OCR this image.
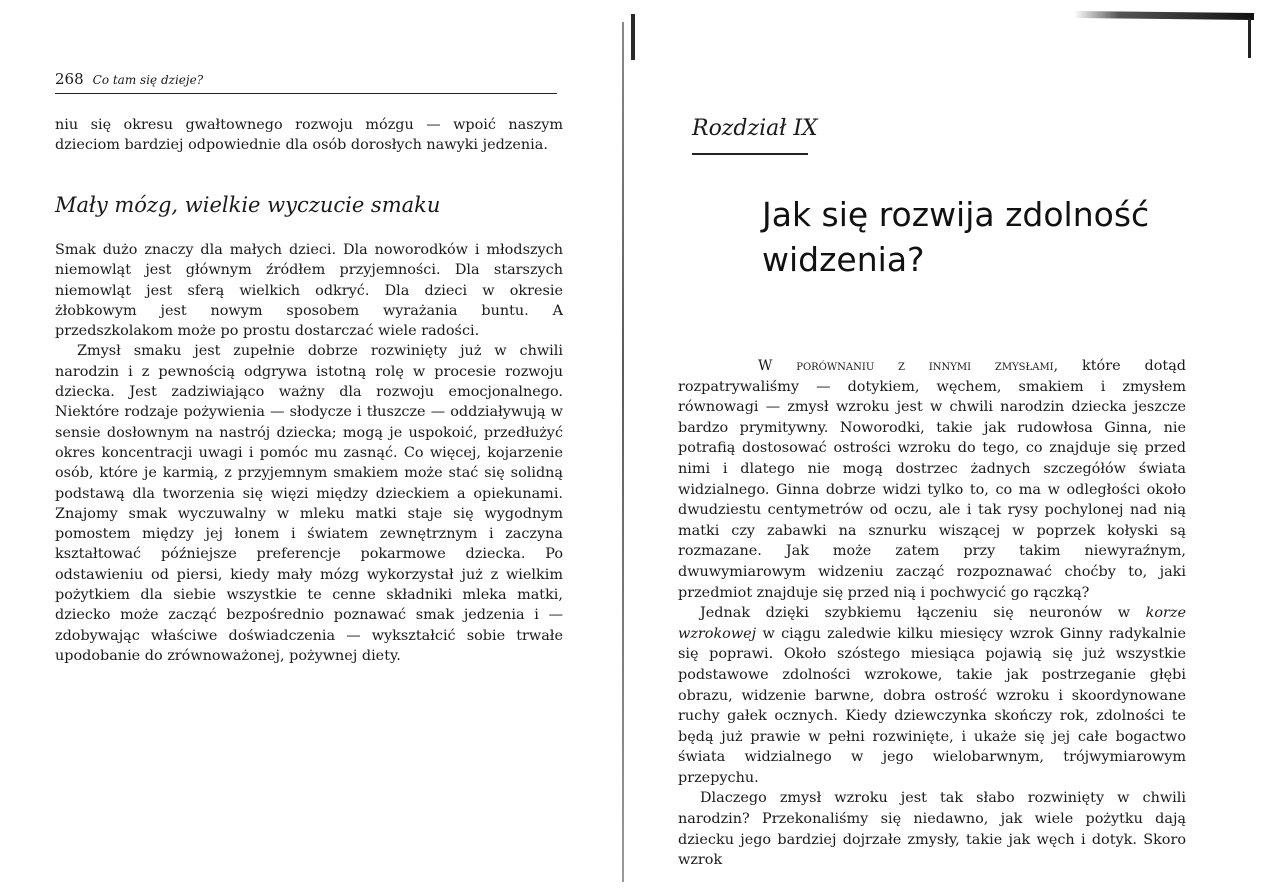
268 Co tam się dzieje?

niu się okresu gwałtownego rozwoju mózgu — wpoić naszym dzieciom bardziej odpowiednie dla osób dorosłych nawyki jedzenia.

Mały mózg, wielkie wyczucie smaku

Smak dużo znaczy dla małych dzieci. Dla noworodków i młodszych niemowląt jest głównym źródłem przyjemności. Dla starszych niemowląt jest sferą wielkich odkryć. Dla dzieci w okresie żłobkowym jest nowym sposobem wyrażania buntu. A przedszkolakom może po prostu dostarczać wiele radości.

Zmysł smaku jest zupełnie dobrze rozwinięty już w chwili narodzin i z pewnością odgrywa istotną rolę w procesie rozwoju dziecka. Jest zadziwiająco ważny dla rozwoju emocjonalnego. Niektóre rodzaje pożywienia — słodycze i tłuszcze — oddziaływują w sensie dosłownym na nastrój dziecka; mogą je uspokoić, przedłużyć okres koncentracji uwagi i pomóc mu zasnąć. Co więcej, kojarzenie osób, które je karmią, z przyjemnym smakiem może stać się solidną podstawą dla tworzenia się więzi między dzieckiem a opiekunami. Znajomy smak wyczuwalny w mleku matki staje się wygodnym pomostem między jej łonem i światem zewnętrznym i zaczyna kształtować późniejsze preferencje pokarmowe dziecka. Po odstawieniu od piersi, kiedy mały mózg wykorzystał już z wielkim pożytkiem dla siebie wszystkie te cenne składniki mleka matki, dziecko może zacząć bezpośrednio poznawać smak jedzenia i — zdobywając właściwe doświadczenia — wykształcić sobie trwałe upodobanie do zrównoważonej, pożywnej diety.

Rozdział IX
Jak się rozwija zdolność widzenia?

W porównaniu z innymi zmysłami, które dotąd rozpatrywaliśmy — dotykiem, węchem, smakiem i zmysłem równowagi — zmysł wzroku jest w chwili narodzin dziecka jeszcze bardzo prymitywny. Noworodki, takie jak rudowłosa Ginna, nie potrafią dostosować ostrości wzroku do tego, co znajduje się przed nimi i dlatego nie mogą dostrzec żadnych szczegółów świata widzialnego. Ginna dobrze widzi tylko to, co ma w odległości około dwudziestu centymetrów od oczu, ale i tak rysy pochylonej nad nią matki czy zabawki na sznurku wiszącej w poprzek kołyski są rozmazane. Jak może zatem przy takim niewyraźnym, dwuwymiarowym widzeniu zacząć rozpoznawać choćby to, jaki przedmiot znajduje się przed nią i pochwycić go rączką?

Jednak dzięki szybkiemu łączeniu się neuronów w korze wzrokowej w ciągu zaledwie kilku miesięcy wzrok Ginny radykalnie się poprawi. Około szóstego miesiąca pojawią się już wszystkie podstawowe zdolności wzrokowe, takie jak postrzeganie głębi obrazu, widzenie barwne, dobra ostrość wzroku i skoordynowane ruchy gałek ocznych. Kiedy dziewczynka skończy rok, zdolności te będą już prawie w pełni rozwinięte, i ukaże się jej całe bogactwo świata widzialnego w jego wielobarwnym, trójwymiarowym przepychu.

Dlaczego zmysł wzroku jest tak słabo rozwinięty w chwili narodzin? Przekonaliśmy się niedawno, jak wiele pożytku dają dziecku jego bardziej dojrzałe zmysły, takie jak węch i dotyk. Skoro wzrok
